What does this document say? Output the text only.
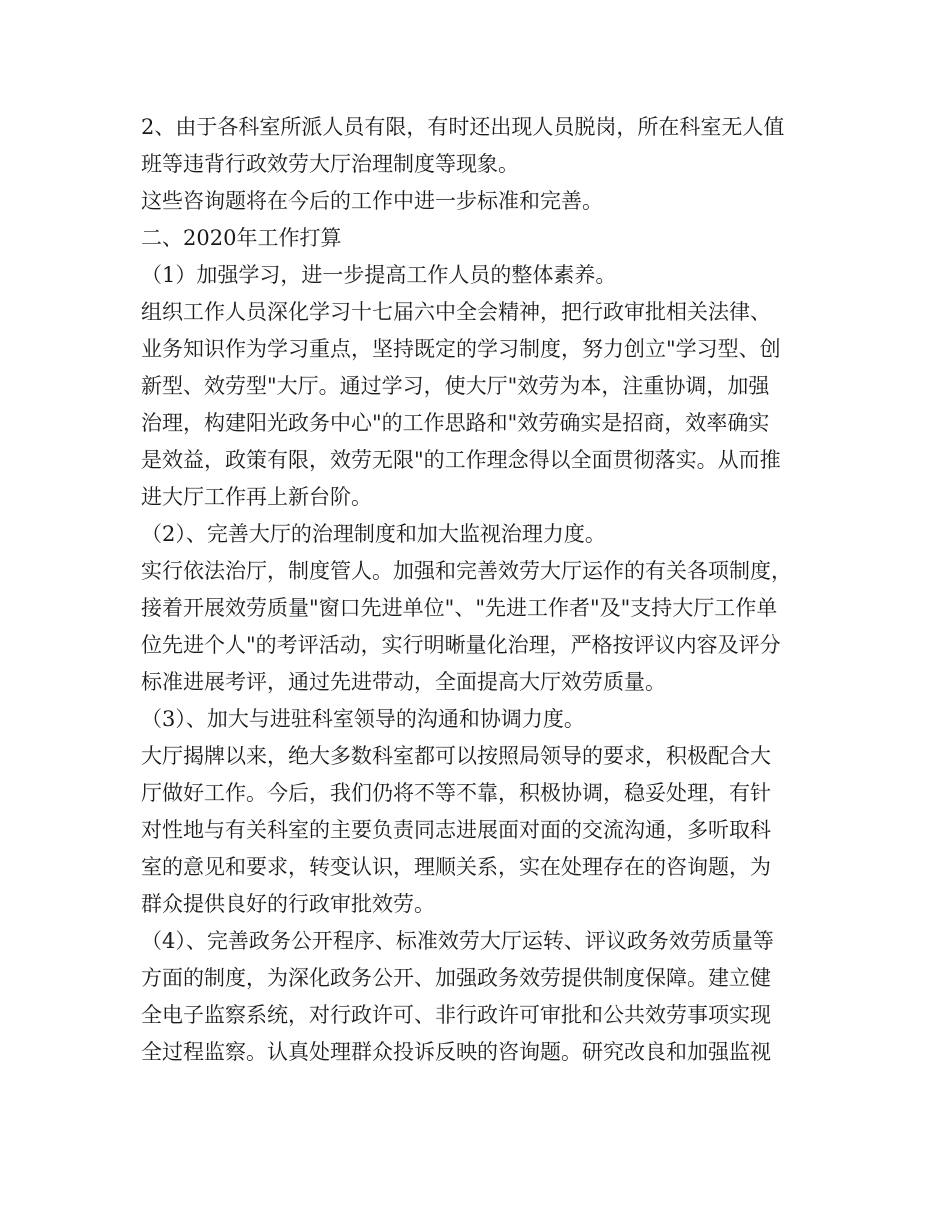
2、由于各科室所派人员有限，有时还出现人员脱岗，所在科室无人值
班等违背行政效劳大厅治理制度等现象。
这些咨询题将在今后的工作中进一步标准和完善。
二、2020年工作打算
（1）加强学习，进一步提高工作人员的整体素养。
组织工作人员深化学习十七届六中全会精神，把行政审批相关法律、
业务知识作为学习重点，坚持既定的学习制度，努力创立"学习型、创
新型、效劳型"大厅。通过学习，使大厅"效劳为本，注重协调，加强
治理，构建阳光政务中心"的工作思路和"效劳确实是招商，效率确实
是效益，政策有限，效劳无限"的工作理念得以全面贯彻落实。从而推
进大厅工作再上新台阶。
（2）、完善大厅的治理制度和加大监视治理力度。
实行依法治厅，制度管人。加强和完善效劳大厅运作的有关各项制度，
接着开展效劳质量"窗口先进单位"、"先进工作者"及"支持大厅工作单
位先进个人"的考评活动，实行明晰量化治理，严格按评议内容及评分
标准进展考评，通过先进带动，全面提高大厅效劳质量。
（3）、加大与进驻科室领导的沟通和协调力度。
大厅揭牌以来，绝大多数科室都可以按照局领导的要求，积极配合大
厅做好工作。今后，我们仍将不等不靠，积极协调，稳妥处理，有针
对性地与有关科室的主要负责同志进展面对面的交流沟通，多听取科
室的意见和要求，转变认识，理顺关系，实在处理存在的咨询题，为
群众提供良好的行政审批效劳。
（4）、完善政务公开程序、标准效劳大厅运转、评议政务效劳质量等
方面的制度，为深化政务公开、加强政务效劳提供制度保障。建立健
全电子监察系统，对行政许可、非行政许可审批和公共效劳事项实现
全过程监察。认真处理群众投诉反映的咨询题。研究改良和加强监视
